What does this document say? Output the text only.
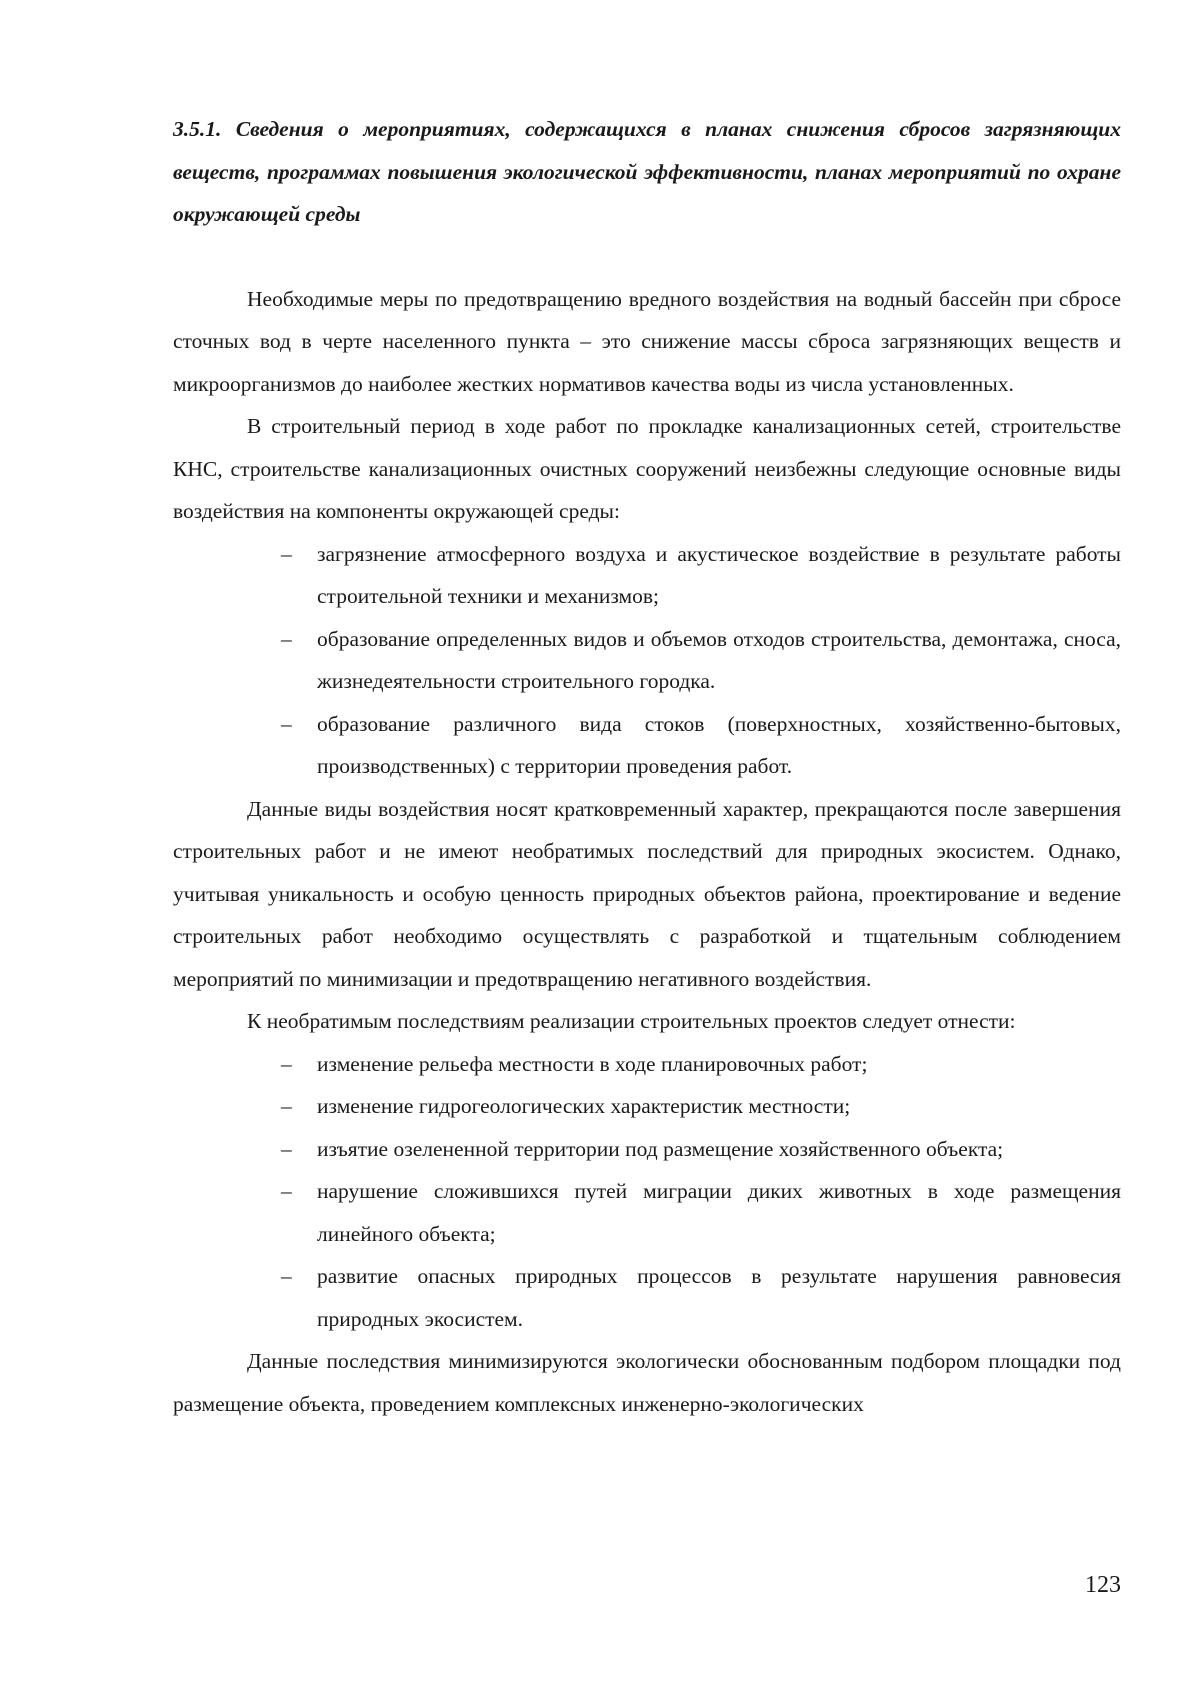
3.5.1. Сведения о мероприятиях, содержащихся в планах снижения сбросов загрязняющих веществ, программах повышения экологической эффективности, планах мероприятий по охране окружающей среды

Необходимые меры по предотвращению вредного воздействия на водный бассейн при сбросе сточных вод в черте населенного пункта – это снижение массы сброса загрязняющих веществ и микроорганизмов до наиболее жестких нормативов качества воды из числа установленных.

В строительный период в ходе работ по прокладке канализационных сетей, строительстве КНС, строительстве канализационных очистных сооружений неизбежны следующие основные виды воздействия на компоненты окружающей среды:

– загрязнение атмосферного воздуха и акустическое воздействие в результате работы строительной техники и механизмов;
– образование определенных видов и объемов отходов строительства, демонтажа, сноса, жизнедеятельности строительного городка.
– образование различного вида стоков (поверхностных, хозяйственно-бытовых, производственных) с территории проведения работ.

Данные виды воздействия носят кратковременный характер, прекращаются после завершения строительных работ и не имеют необратимых последствий для природных экосистем. Однако, учитывая уникальность и особую ценность природных объектов района, проектирование и ведение строительных работ необходимо осуществлять с разработкой и тщательным соблюдением мероприятий по минимизации и предотвращению негативного воздействия.

К необратимым последствиям реализации строительных проектов следует отнести:

– изменение рельефа местности в ходе планировочных работ;
– изменение гидрогеологических характеристик местности;
– изъятие озелененной территории под размещение хозяйственного объекта;
– нарушение сложившихся путей миграции диких животных в ходе размещения линейного объекта;
– развитие опасных природных процессов в результате нарушения равновесия природных экосистем.

Данные последствия минимизируются экологически обоснованным подбором площадки под размещение объекта, проведением комплексных инженерно-экологических

123
